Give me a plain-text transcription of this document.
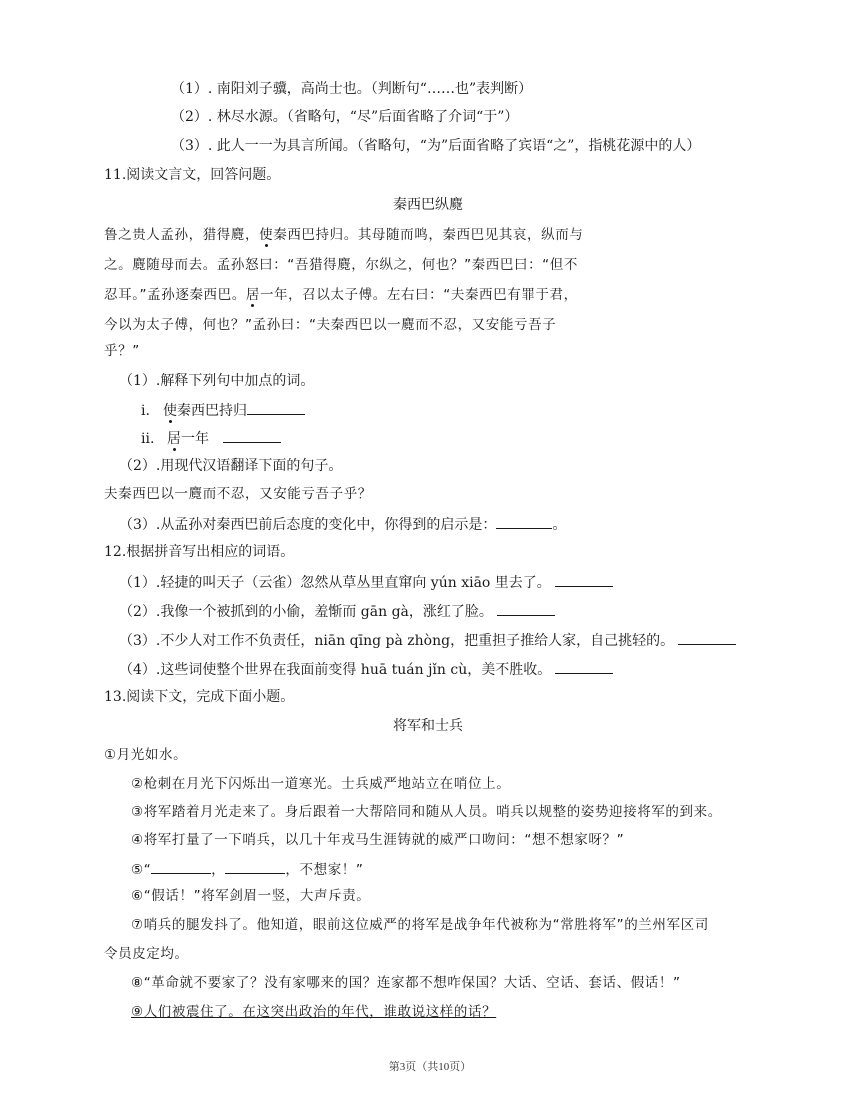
（1）. 南阳刘子骥，高尚士也。（判断句“……也”表判断）
（2）. 林尽水源。（省略句，“尽”后面省略了介词“于”）
（3）. 此人一一为具言所闻。（省略句，“为”后面省略了宾语“之”，指桃花源中的人）
11.阅读文言文，回答问题。
秦西巴纵麑
鲁之贵人孟孙，猎得麑，使秦西巴持归。其母随而鸣，秦西巴见其哀，纵而与
之。麑随母而去。孟孙怒曰：“吾猎得麑，尔纵之，何也？”秦西巴曰：“但不
忍耳。”孟孙逐秦西巴。居一年，召以太子傅。左右曰：“夫秦西巴有罪于君，
今以为太子傅，何也？”孟孙曰：“夫秦西巴以一麑而不忍，又安能亏吾子
乎？”
（1）.解释下列句中加点的词。
i. 使秦西巴持归
ii. 居一年
（2）.用现代汉语翻译下面的句子。
夫秦西巴以一麑而不忍，又安能亏吾子乎？
（3）.从孟孙对秦西巴前后态度的变化中，你得到的启示是：	。
12.根据拼音写出相应的词语。
（1）.轻捷的叫天子（云雀）忽然从草丛里直窜向 yún xiāo 里去了。
（2）.我像一个被抓到的小偷，羞惭而 gān gà，涨红了脸。
（3）.不少人对工作不负责任，niān qīng pà zhòng，把重担子推给人家，自己挑轻的。
（4）.这些词使整个世界在我面前变得 huā tuán jǐn cù，美不胜收。
13.阅读下文，完成下面小题。
将军和士兵
①月光如水。
②枪刺在月光下闪烁出一道寒光。士兵威严地站立在哨位上。
③将军踏着月光走来了。身后跟着一大帮陪同和随从人员。哨兵以规整的姿势迎接将军的到来。
④将军打量了一下哨兵，以几十年戎马生涯铸就的威严口吻问：“想不想家呀？”
⑤“	，	，不想家！”
⑥“假话！”将军剑眉一竖，大声斥责。
⑦哨兵的腿发抖了。他知道，眼前这位威严的将军是战争年代被称为“常胜将军”的兰州军区司
令员皮定均。
⑧“革命就不要家了？没有家哪来的国？连家都不想咋保国？大话、空话、套话、假话！”
⑨人们被震住了。在这突出政治的年代，谁敢说这样的话？
第3页（共10页）
